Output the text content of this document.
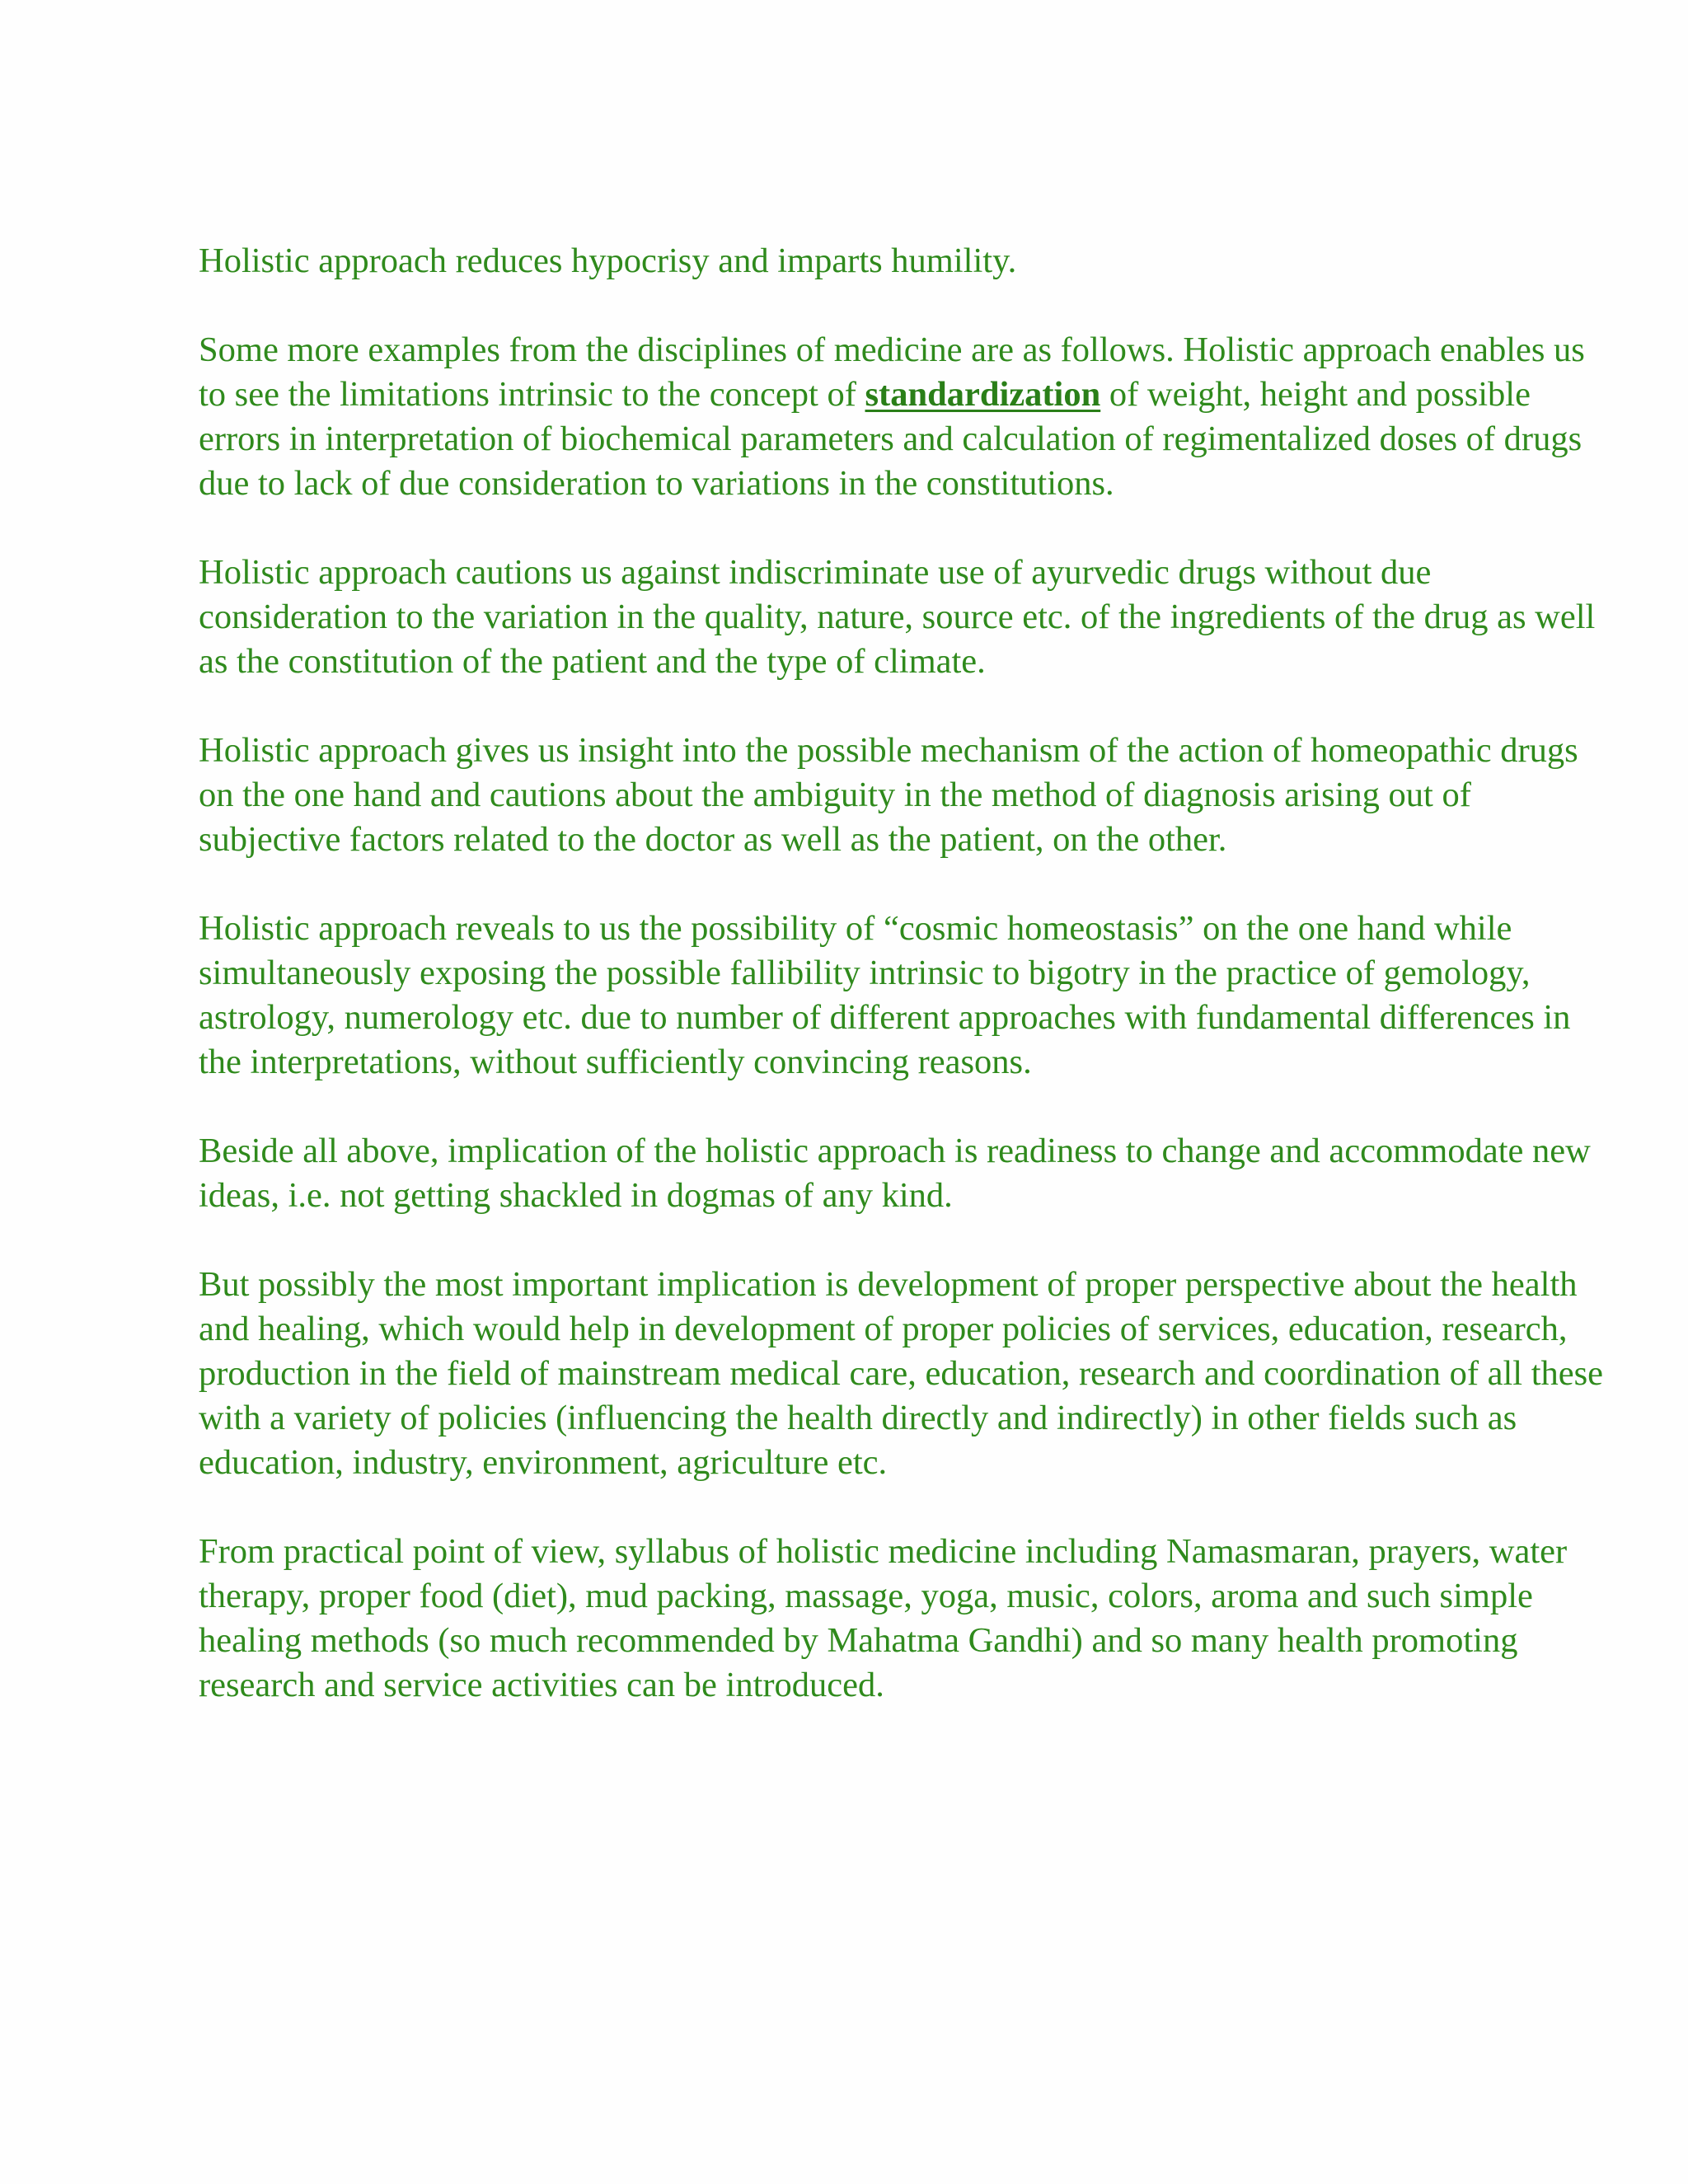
Holistic approach reduces hypocrisy and imparts humility.

Some more examples from the disciplines of medicine are as follows. Holistic approach enables us to see the limitations intrinsic to the concept of standardization of weight, height and possible errors in interpretation of biochemical parameters and calculation of regimentalized doses of drugs due to lack of due consideration to variations in the constitutions.

Holistic approach cautions us against indiscriminate use of ayurvedic drugs without due consideration to the variation in the quality, nature, source etc. of the ingredients of the drug as well as the constitution of the patient and the type of climate.

Holistic approach gives us insight into the possible mechanism of the action of homeopathic drugs on the one hand and cautions about the ambiguity in the method of diagnosis arising out of subjective factors related to the doctor as well as the patient, on the other.

Holistic approach reveals to us the possibility of “cosmic homeostasis” on the one hand while simultaneously exposing the possible fallibility intrinsic to bigotry in the practice of gemology, astrology, numerology etc. due to number of different approaches with fundamental differences in the interpretations, without sufficiently convincing reasons.

Beside all above, implication of the holistic approach is readiness to change and accommodate new ideas, i.e. not getting shackled in dogmas of any kind.

But possibly the most important implication is development of proper perspective about the health and healing, which would help in development of proper policies of services, education, research, production in the field of mainstream medical care, education, research and coordination of all these with a variety of policies (influencing the health directly and indirectly) in other fields such as education, industry, environment, agriculture etc.

From practical point of view, syllabus of holistic medicine including Namasmaran, prayers, water therapy, proper food (diet), mud packing, massage, yoga, music, colors, aroma and such simple healing methods (so much recommended by Mahatma Gandhi) and so many health promoting research and service activities can be introduced.
